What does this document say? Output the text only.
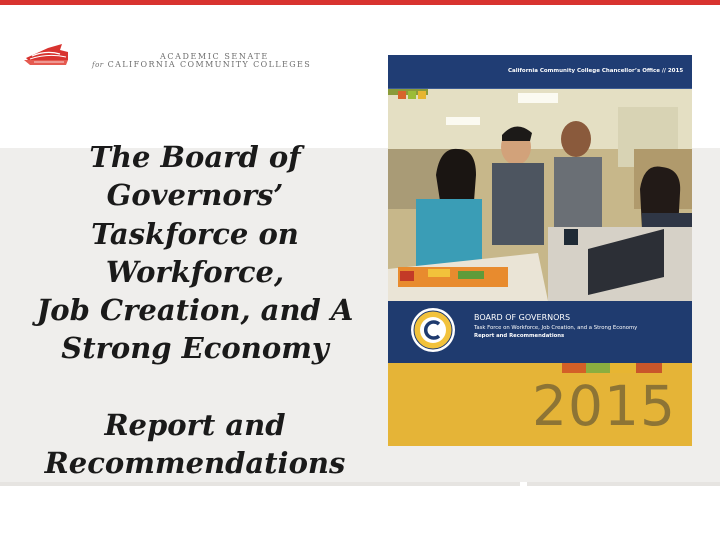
ACADEMIC SENATE
for CALIFORNIA COMMUNITY COLLEGES
The Board of
Governors’
Taskforce on
Workforce,
Job Creation, and A
Strong Economy
Report and
Recommendations
California Community College Chancellor’s Office // 2015
BOARD OF GOVERNORS
Task Force on Workforce, Job Creation, and a Strong Economy
Report and Recommendations
2015
